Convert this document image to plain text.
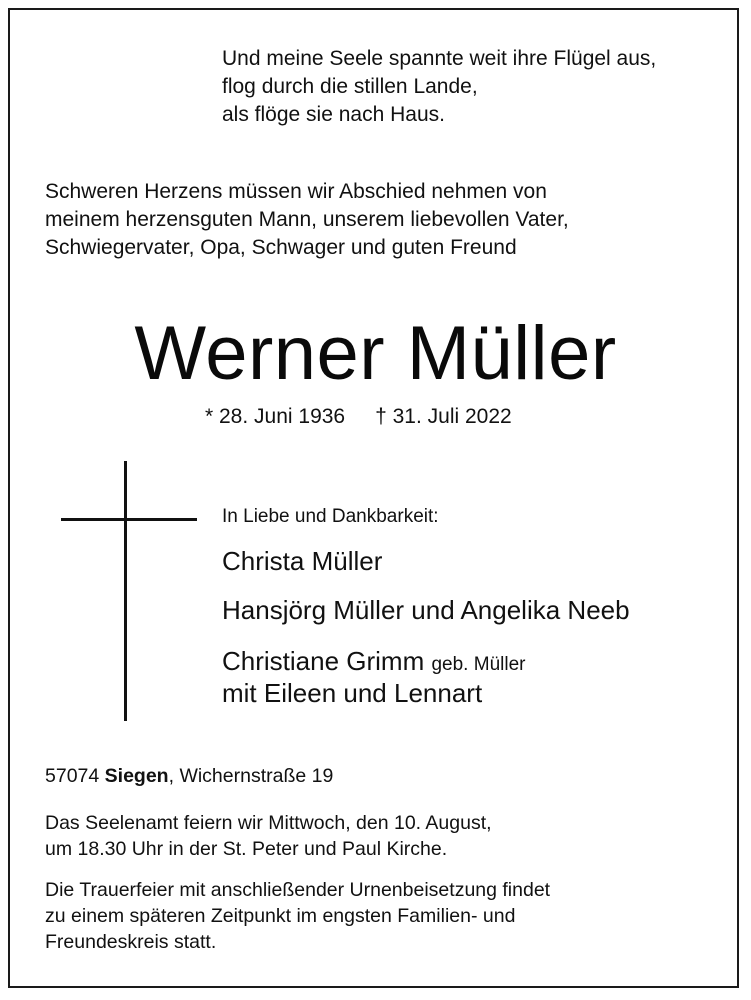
Und meine Seele spannte weit ihre Flügel aus,
flog durch die stillen Lande,
als flöge sie nach Haus.
Schweren Herzens müssen wir Abschied nehmen von
meinem herzensguten Mann, unserem liebevollen Vater,
Schwiegervater, Opa, Schwager und guten Freund
Werner Müller
* 28. Juni 1936 † 31. Juli 2022
In Liebe und Dankbarkeit:
Christa Müller
Hansjörg Müller und Angelika Neeb
Christiane Grimm geb. Müller
mit Eileen und Lennart
57074 Siegen, Wichernstraße 19
Das Seelenamt feiern wir Mittwoch, den 10. August,
um 18.30 Uhr in der St. Peter und Paul Kirche.
Die Trauerfeier mit anschließender Urnenbeisetzung findet
zu einem späteren Zeitpunkt im engsten Familien- und
Freundeskreis statt.
